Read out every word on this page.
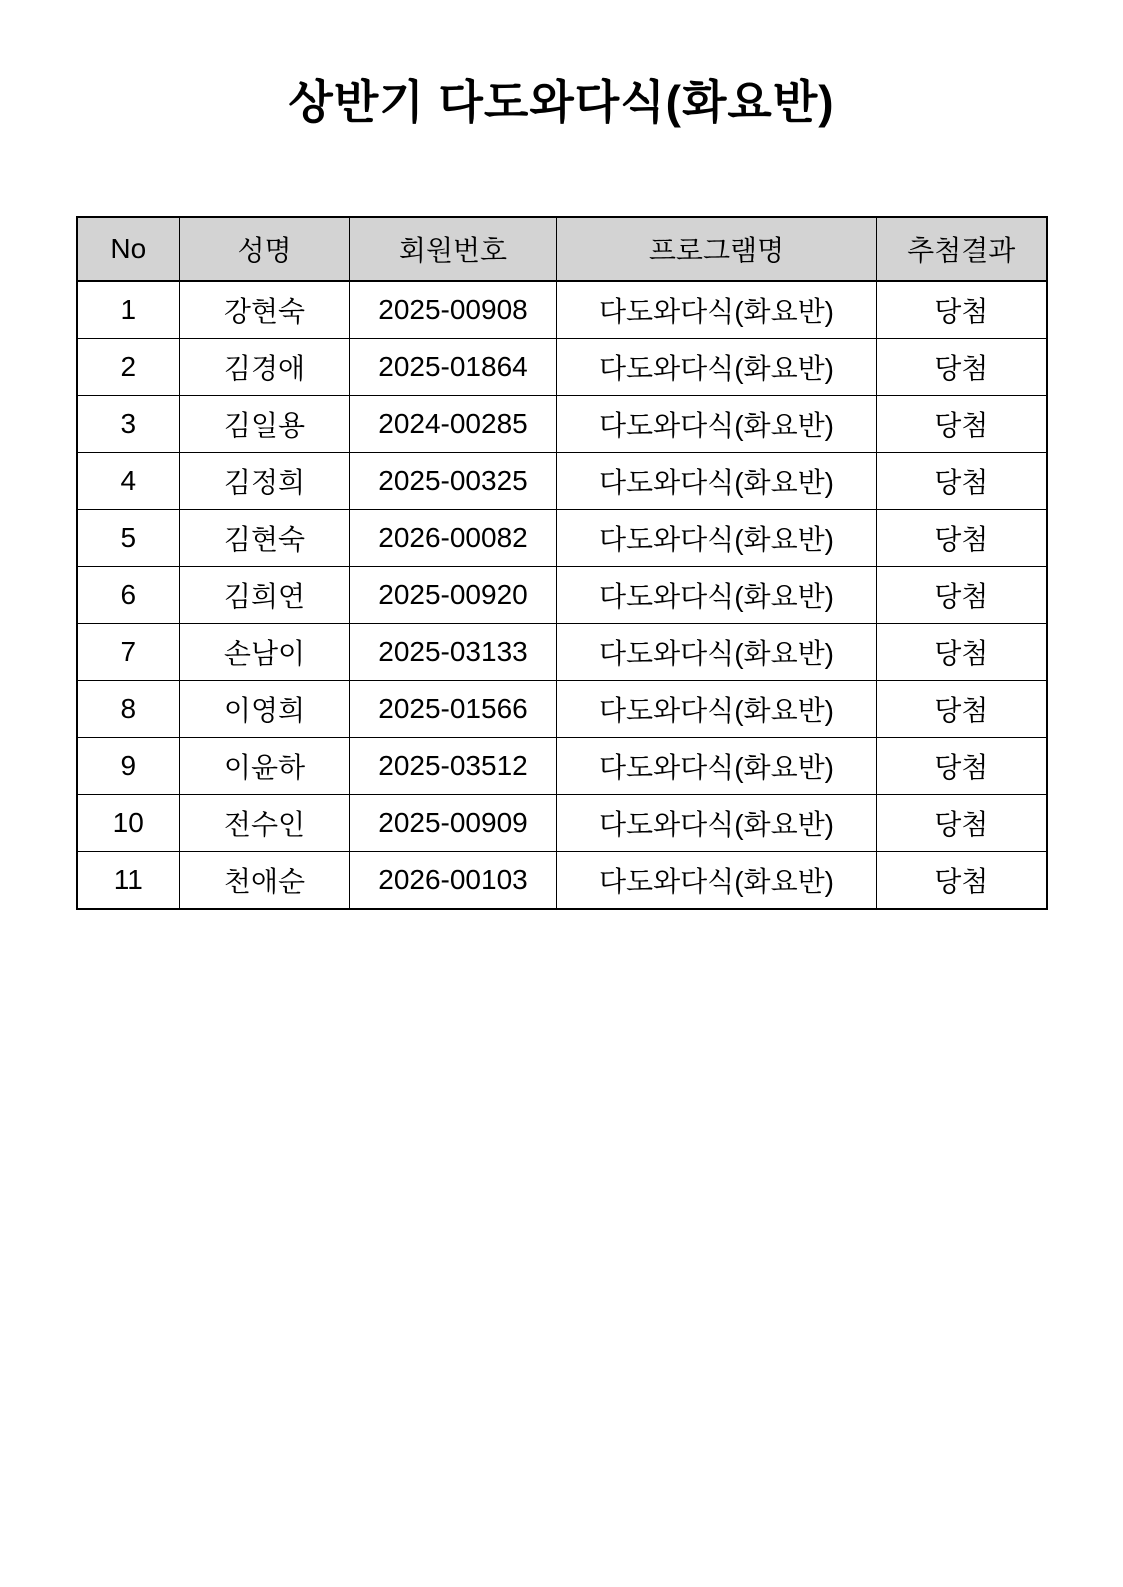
상반기 다도와다식(화요반)
No	성명	회원번호	프로그램명	추첨결과
1	강현숙	2025-00908	다도와다식(화요반)	당첨
2	김경애	2025-01864	다도와다식(화요반)	당첨
3	김일용	2024-00285	다도와다식(화요반)	당첨
4	김정희	2025-00325	다도와다식(화요반)	당첨
5	김현숙	2026-00082	다도와다식(화요반)	당첨
6	김희연	2025-00920	다도와다식(화요반)	당첨
7	손남이	2025-03133	다도와다식(화요반)	당첨
8	이영희	2025-01566	다도와다식(화요반)	당첨
9	이윤하	2025-03512	다도와다식(화요반)	당첨
10	전수인	2025-00909	다도와다식(화요반)	당첨
11	천애순	2026-00103	다도와다식(화요반)	당첨
